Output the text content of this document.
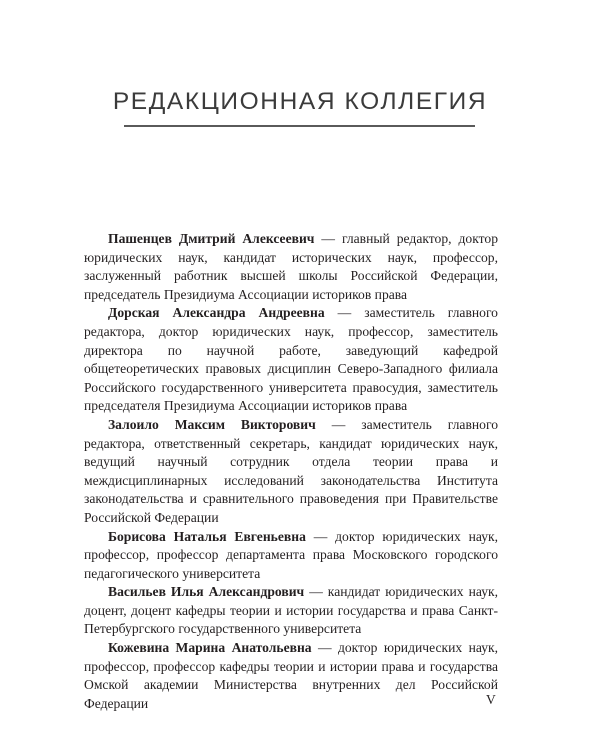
РЕДАКЦИОННАЯ КОЛЛЕГИЯ

Пашенцев Дмитрий Алексеевич — главный редактор, доктор юридических наук, кандидат исторических наук, профессор, заслуженный работник высшей школы Российской Федерации, председатель Президиума Ассоциации историков права

Дорская Александра Андреевна — заместитель главного редактора, доктор юридических наук, профессор, заместитель директора по научной работе, заведующий кафедрой общетеоретических правовых дисциплин Северо-Западного филиала Российского государственного университета правосудия, заместитель председателя Президиума Ассоциации историков права

Залоило Максим Викторович — заместитель главного редактора, ответственный секретарь, кандидат юридических наук, ведущий научный сотрудник отдела теории права и междисциплинарных исследований законодательства Института законодательства и сравнительного правоведения при Правительстве Российской Федерации

Борисова Наталья Евгеньевна — доктор юридических наук, профессор, профессор департамента права Московского городского педагогического университета

Васильев Илья Александрович — кандидат юридических наук, доцент, доцент кафедры теории и истории государства и права Санкт-Петербургского государственного университета

Кожевина Марина Анатольевна — доктор юридических наук, профессор, профессор кафедры теории и истории права и государства Омской академии Министерства внутренних дел Российской Федерации	V
